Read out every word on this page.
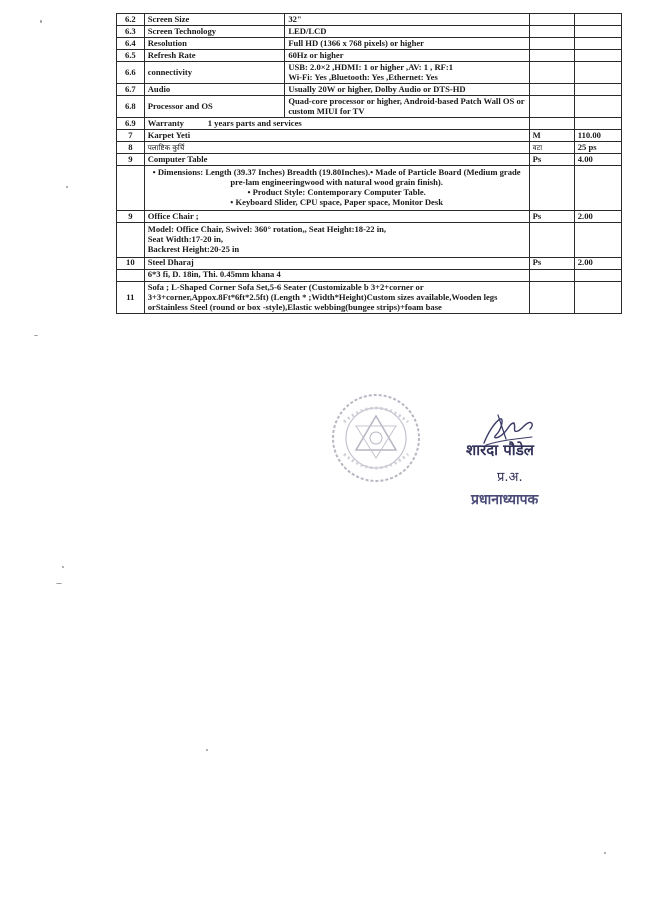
6.2	Screen Size	32"		
6.3	Screen Technology	LED/LCD		
6.4	Resolution	Full HD (1366 x 768 pixels) or higher		
6.5	Refresh Rate	60Hz or higher		
6.6	connectivity	USB: 2.0×2 ,HDMI: 1 or higher ,AV: 1 , RF:1
Wi-Fi: Yes ,Bluetooth: Yes ,Ethernet: Yes		
6.7	Audio	Usually 20W or higher, Dolby Audio or DTS-HD		
6.8	Processor and OS	Quad-core processor or higher, Android-based Patch Wall OS or custom MIUI for TV		
6.9	Warranty 1 years parts and services			
7	Karpet Yeti		M	110.00
8	पलाष्टिक कुर्चि		वटा	25 ps
9	Computer Table		Ps	4.00
	• Dimensions: Length (39.37 Inches) Breadth (19.80Inches).• Made of Particle Board (Medium grade pre-lam engineeringwood with natural wood grain finish).
• Product Style: Contemporary Computer Table.
• Keyboard Slider, CPU space, Paper space, Monitor Desk			
9	Office Chair ;		Ps	2.00
	Model: Office Chair, Swivel: 360° rotation,, Seat Height:18-22 in,
Seat Width:17-20 in,
Backrest Height:20-25 in			
10	Steel Dharaj		Ps	2.00
	6*3 fi, D. 18in, Thi. 0.45mm khana 4			
11	Sofa ; L-Shaped Corner Sofa Set,5-6 Seater (Customizable b 3+2+corner or 3+3+corner,Appox.8Ft*6ft*2.5ft) (Length * ;Width*Height)Custom sizes available,Wooden legs orStainless Steel (round or box -style),Elastic webbing(bungee strips)+foam base			
शारदा पौडेल
प्र.अ.
प्रधानाध्यापक
